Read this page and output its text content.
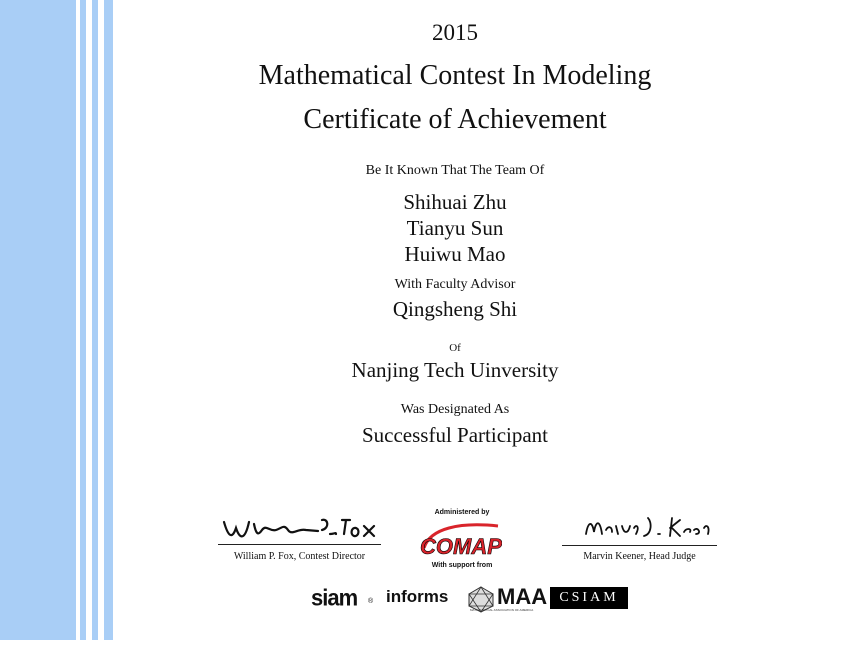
2015
Mathematical Contest In Modeling
Certificate of Achievement
Be It Known That The Team Of
Shihuai Zhu
Tianyu Sun
Huiwu Mao
With Faculty Advisor
Qingsheng Shi
Of
Nanjing Tech Uinversity
Was Designated As
Successful Participant
William P. Fox, Contest Director	Marvin Keener, Head Judge
Administered by
COMAP
With support from
siam ® informs MAA
MATHEMATICAL ASSOCIATION OF AMERICA
CSIAM
